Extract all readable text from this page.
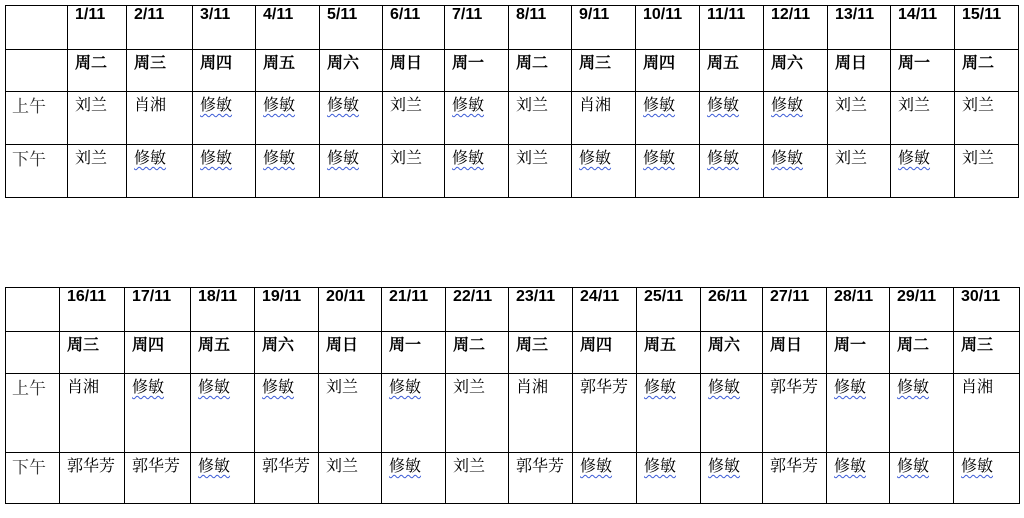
	1/11	2/11	3/11	4/11	5/11	6/11	7/11	8/11	9/11	10/11	11/11	12/11	13/11	14/11	15/11
	周二	周三	周四	周五	周六	周日	周一	周二	周三	周四	周五	周六	周日	周一	周二
上午	刘兰	肖湘	修敏	修敏	修敏	刘兰	修敏	刘兰	肖湘	修敏	修敏	修敏	刘兰	刘兰	刘兰
下午	刘兰	修敏	修敏	修敏	修敏	刘兰	修敏	刘兰	修敏	修敏	修敏	修敏	刘兰	修敏	刘兰
	16/11	17/11	18/11	19/11	20/11	21/11	22/11	23/11	24/11	25/11	26/11	27/11	28/11	29/11	30/11
	周三	周四	周五	周六	周日	周一	周二	周三	周四	周五	周六	周日	周一	周二	周三
上午	肖湘	修敏	修敏	修敏	刘兰	修敏	刘兰	肖湘	郭华芳	修敏	修敏	郭华芳	修敏	修敏	肖湘
下午	郭华芳	郭华芳	修敏	郭华芳	刘兰	修敏	刘兰	郭华芳	修敏	修敏	修敏	郭华芳	修敏	修敏	修敏
